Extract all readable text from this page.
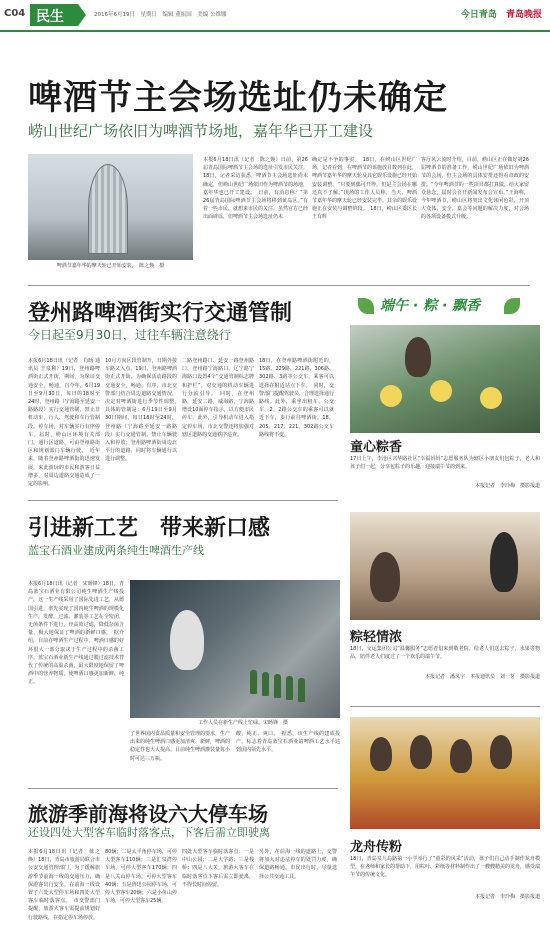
C04 民生	2016年6月19日　星期日　编辑 董振国　美编 公维娜	今日青岛 青岛晚报
啤酒节主会场选址仍未确定
崂山世纪广场依旧为啤酒节场地，嘉年华已开工建设
啤酒节嘉年华的摩天轮已开始安装。　陈之焕　摄
本报6月18日讯（记者　陈之焕）日前，第26届青岛国际啤酒节主会场的选址引发市民关注。18日，记者采访获悉，啤酒节主会场选址尚未确定，但崂山世纪广场依旧作为啤酒节的场地，嘉年华也已开工建设。　日前，有消息称：“第26届青岛国际啤酒节主会场将移到黄岛区。”有着一些市民，就想来市民的关注。虽然官方已经出面辟谣，但啤酒节主会场选址仍未
确定是不争的事实。　18日，在崂山区世纪广场，记者看到，在啤酒节的该施放目数列在此，啤酒节嘉年华的摩天轮及其它娱乐设施已经开始安装调整。“只要到偶可开得，但是主会场在哪还真不了解。”现场的工作人员称，当天，啤酒节嘉年华的摩天轮已经安装完毕。其余的娱乐设施正在安装与调整阶段。　18日，崂山区委区长王有辉
客厅风云流时介绍，目前，崂山区正在做好第26届啤酒节的准备工作，崂山世纪广场依旧为啤酒节的会场，但主会场的具体安排还得看市政的安排。“今年啤酒节的一些项目都打算做，给大家留众悬念，届时会召开新闻发布会宣布。”王海称，今年啤酒节，崂山区将突出文化休闲色彩，开顶大众体，安全，嘉会等问题的解决力度，对会场的各项设备模式升级。
登州路啤酒街实行交通管制
今日起至9月30日，过往车辆注意绕行
本报6月18日讯（记者　肖旸 通讯员 王泉利）19日，登州路啤酒街正式开街，期间，为保证交通安全，畅通，自今年，6月19日至9月30日，每日的18时至24时，登州路（宁海路至延安一路路段）实行交通管制，禁止非机动车、行人、驾驶和车行管制段。停车场，对车辆实行有序停车。届时，崂山区环境有关部门，通行区道路，可由登州路街区和规划部门车辆行驶。　近年来，随着登州路啤酒街的迅速发展，来此游玩的市民和游客日益增多，对周边道路交通造成了一定的影响。
10月方向区段管制开，日期外接车路又入点，19日，登州路啤酒街正式开街。为确保活动路段的交通安全，畅通，有序，市北交警部门结合周边道路交通情况，决定对啤酒街进行季节性调整。　具体的管制是：6月19日至9月30日期间，每日18时至24时，登州路（宁海路至延安一路路段）实行交通管制，禁止车辆驶入和停放；登州路啤酒街周边北平行的道路，同时将车辆通行以进行调整。
二路登州路口、延安一路登州路口，登州路宁海路口，辽宁路宁海路口设置4个“交通管制标志牌和护栏”，对交通的机动车辆进行分流引导。　同时，在登州路，延安二路，威海路，宁海路增设10面停车指示，以方便市民停车。此外，引导机动车进入指定停车场，市北交警还将加强对辖区道路的交通秩序巡查。
18日，在登州路啤酒街附近的，15路、229路、221路、306路、302路、3路等公交车，乘客可以选择在附近站点下车。　同时，交警部门提醒驾驶员，合理选择通行路线。此外，乘坐出租车、公交车，2、2路公交车的乘客可以就近下车，步行前往啤酒街。18、205、217、221、302路公交车路线将不变。
端午 · 粽 · 飘香
童心粽香
17日上午，李沧区兴华路社区“幸福妈妈”志愿服务队为辖区小朋友们包粽子，老人和孩子们一起，分享包粽子的乐趣，迎接端午节的到来。
本报记者　李玲梅　摄影报道
引进新工艺　带来新口感
蓝宝石酒业建成两条纯生啤酒生产线
本报6月18日讯（记者　宋旸锋）18日，青岛蓝宝石酒业有限公司纯生啤酒生产线投产。这一生产线采用了国际先进工艺，从德国引进，率先实现了国内纯生啤酒的规模化生产，发酵、过滤、灌装等工艺在全密闭，无菌条件下进行，经高效过滤，降低杂菌含量，极大地保证了啤酒的新鲜口感。　据介绍，目前在啤酒生产过程中，啤酒口感的好坏很大一部分取决于生产过程中的杀菌工序。蓝宝石酒业新生产线通过膜过滤技术替代了传统的高温杀菌，最大限度地保留了啤酒中的营养物质，使啤酒口感更加新鲜、纯正。
工作人员在新生产线上忙碌。宋旸锋　摄
了世界国内食品质量和安全管理的要求，生产出来的纯生啤酒口感更加清爽、新鲜，啤酒的稳定性也大大提高。目前纯生啤酒灌装量每小时可达三万瓶。
酸、纯正、爽口。　据悉，该生产线的建成投产，标志着青岛蓝宝石酒业的啤酒工艺水平达到国内领先水平。
粽轻情浓
18日，交运集团公司“温馨服务”志愿者们来到敬老院，给老人们送去粽子、水果等物品，陪伴老人们度过了一个欢乐的端午节。
本报记者　潘凤宇　本报通讯员　刘一茗　摄影报道
龙舟传粉
18日，青岛泉儿岛路第一小学举行了“童彩的风采”活动，孩子们自己动手制作龙舟模型，在老师和家长的帮助下，用粽叶、彩纸等材料制作出了一艘艘精美的龙舟，感受端午节的传统文化。
本报记者　李玲梅　摄影报道
旅游季前海将设六大停车场
还设四处大型客车临时落客点，下客后需立即驶离
本报6月18日讯（记者　陈之焕）18日，青岛市旅游局联合市公安交通管理部门，为了缓解旅游季节前海一线的交通压力，确保游客出行安全，在前海一线设置了六处大型停车场和四处大型客车临时落客点。　市交警部门提醒，旅游大客车需提前规划好行驶路线，在指定停车场停放。
80辆；二是太平角停车场，可停大型客车110辆；三是汇泉湾停车场，可停大型客车170辆；四是八关山停车场，可停大型客车40辆；五是鲁迅公园停车场，可停大型客车20辆；六是小鱼山停车场，可停大型客车25辆。
四处大型客车临时落客点：一是中山公园；二是大学路；三是栈桥；四是八大关。旅游大客车在临时落客点下客后需立即驶离，不得长时间停留。
另外，在前海一线的道路上，交警将加大对违法停车的处罚力度，确保道路畅通。市民出行时，尽量选择公共交通工具。
